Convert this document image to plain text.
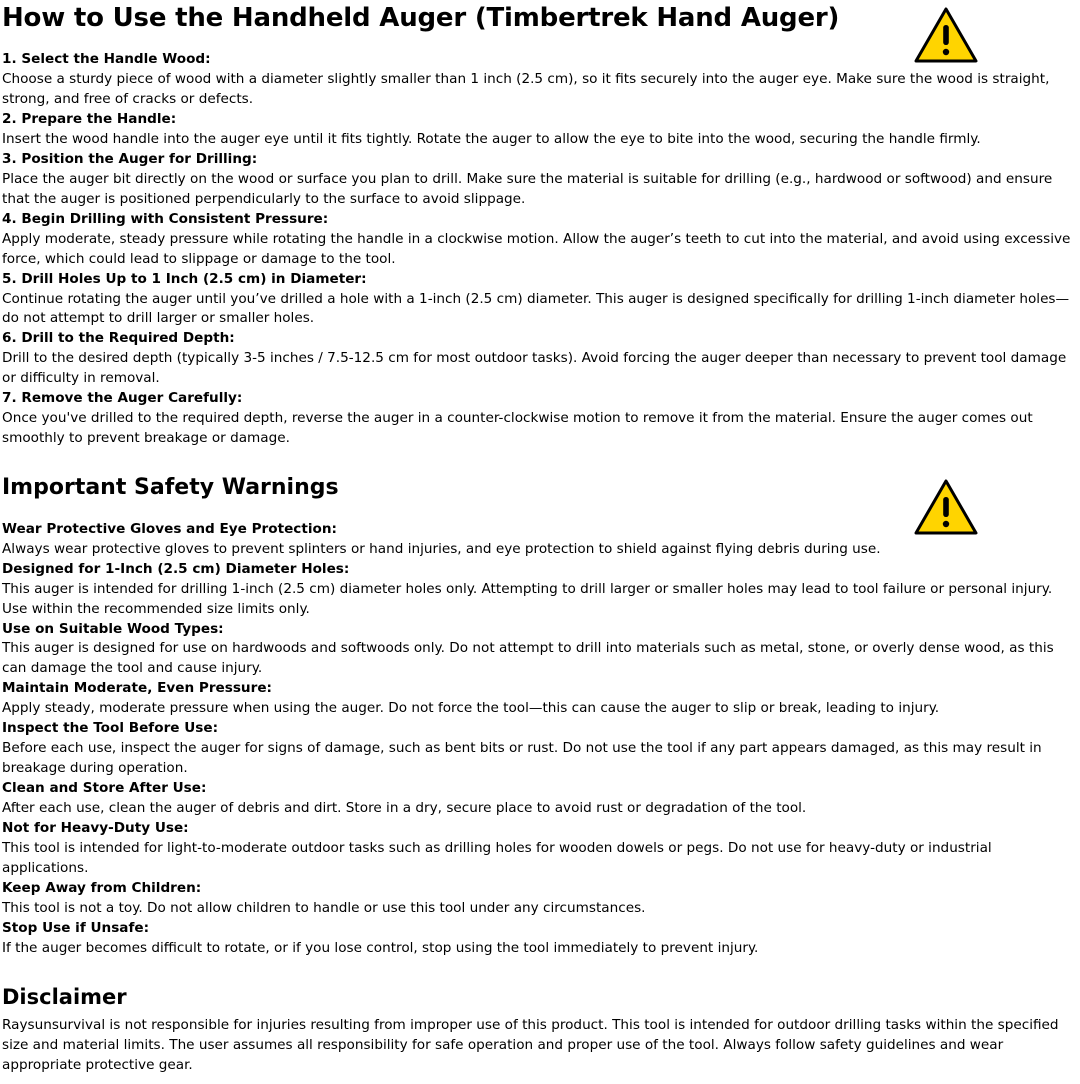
How to Use the Handheld Auger (Timbertrek Hand Auger)
1. Select the Handle Wood:
Choose a sturdy piece of wood with a diameter slightly smaller than 1 inch (2.5 cm), so it fits securely into the auger eye. Make sure the wood is straight, strong, and free of cracks or defects.
2. Prepare the Handle:
Insert the wood handle into the auger eye until it fits tightly. Rotate the auger to allow the eye to bite into the wood, securing the handle firmly.
3. Position the Auger for Drilling:
Place the auger bit directly on the wood or surface you plan to drill. Make sure the material is suitable for drilling (e.g., hardwood or softwood) and ensure that the auger is positioned perpendicularly to the surface to avoid slippage.
4. Begin Drilling with Consistent Pressure:
Apply moderate, steady pressure while rotating the handle in a clockwise motion. Allow the auger’s teeth to cut into the material, and avoid using excessive force, which could lead to slippage or damage to the tool.
5. Drill Holes Up to 1 Inch (2.5 cm) in Diameter:
Continue rotating the auger until you’ve drilled a hole with a 1-inch (2.5 cm) diameter. This auger is designed specifically for drilling 1-inch diameter holes—do not attempt to drill larger or smaller holes.
6. Drill to the Required Depth:
Drill to the desired depth (typically 3-5 inches / 7.5-12.5 cm for most outdoor tasks). Avoid forcing the auger deeper than necessary to prevent tool damage or difficulty in removal.
7. Remove the Auger Carefully:
Once you've drilled to the required depth, reverse the auger in a counter-clockwise motion to remove it from the material. Ensure the auger comes out smoothly to prevent breakage or damage.
Important Safety Warnings
Wear Protective Gloves and Eye Protection:
Always wear protective gloves to prevent splinters or hand injuries, and eye protection to shield against flying debris during use.
Designed for 1-Inch (2.5 cm) Diameter Holes:
This auger is intended for drilling 1-inch (2.5 cm) diameter holes only. Attempting to drill larger or smaller holes may lead to tool failure or personal injury. Use within the recommended size limits only.
Use on Suitable Wood Types:
This auger is designed for use on hardwoods and softwoods only. Do not attempt to drill into materials such as metal, stone, or overly dense wood, as this can damage the tool and cause injury.
Maintain Moderate, Even Pressure:
Apply steady, moderate pressure when using the auger. Do not force the tool—this can cause the auger to slip or break, leading to injury.
Inspect the Tool Before Use:
Before each use, inspect the auger for signs of damage, such as bent bits or rust. Do not use the tool if any part appears damaged, as this may result in breakage during operation.
Clean and Store After Use:
After each use, clean the auger of debris and dirt. Store in a dry, secure place to avoid rust or degradation of the tool.
Not for Heavy-Duty Use:
This tool is intended for light-to-moderate outdoor tasks such as drilling holes for wooden dowels or pegs. Do not use for heavy-duty or industrial applications.
Keep Away from Children:
This tool is not a toy. Do not allow children to handle or use this tool under any circumstances.
Stop Use if Unsafe:
If the auger becomes difficult to rotate, or if you lose control, stop using the tool immediately to prevent injury.
Disclaimer
Raysunsurvival is not responsible for injuries resulting from improper use of this product. This tool is intended for outdoor drilling tasks within the specified size and material limits. The user assumes all responsibility for safe operation and proper use of the tool. Always follow safety guidelines and wear appropriate protective gear.
